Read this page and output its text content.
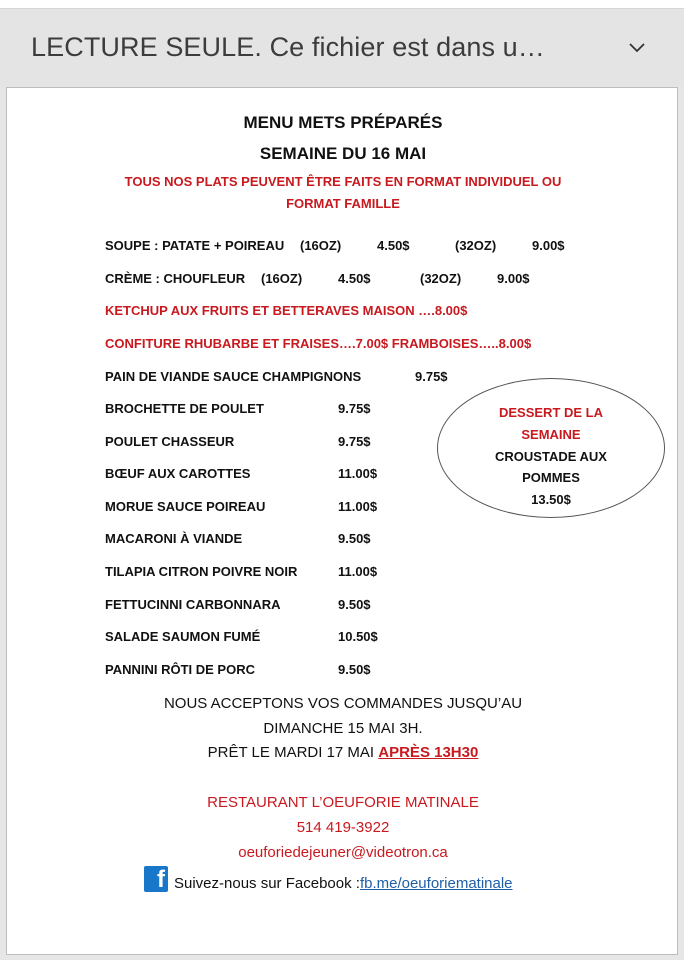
LECTURE SEULE. Ce fichier est dans u…
MENU METS PRÉPARÉS
SEMAINE DU 16 MAI
TOUS NOS PLATS PEUVENT ÊTRE FAITS EN FORMAT INDIVIDUEL OU
FORMAT FAMILLE
SOUPE : PATATE + POIREAU (16OZ)	4.50$	(32OZ)	9.00$
CRÈME : CHOUFLEUR (16OZ)	4.50$	(32OZ)	9.00$
KETCHUP AUX FRUITS ET BETTERAVES MAISON ….8.00$
CONFITURE RHUBARBE ET FRAISES….7.00$ FRAMBOISES…..8.00$
PAIN DE VIANDE SAUCE CHAMPIGNONS	9.75$
BROCHETTE DE POULET	9.75$
POULET CHASSEUR	9.75$
BŒUF AUX CAROTTES	11.00$
MORUE SAUCE POIREAU	11.00$
MACARONI À VIANDE	9.50$
TILAPIA CITRON POIVRE NOIR	11.00$
FETTUCINNI CARBONNARA	9.50$
SALADE SAUMON FUMÉ	10.50$
PANNINI RÔTI DE PORC	9.50$
DESSERT DE LA
SEMAINE
CROUSTADE AUX
POMMES
13.50$
NOUS ACCEPTONS VOS COMMANDES JUSQU’AU
DIMANCHE 15 MAI 3H.
PRÊT LE MARDI 17 MAI APRÈS 13H30
RESTAURANT L’OEUFORIE MATINALE
514 419-3922
oeuforiedejeuner@videotron.ca
f Suivez-nous sur Facebook : fb.me/oeuforiematinale
